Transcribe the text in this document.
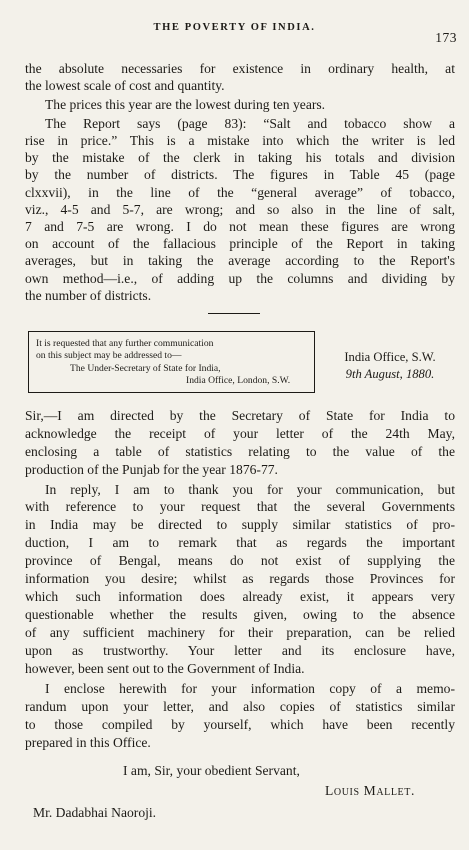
THE POVERTY OF INDIA.
173
the absolute necessaries for existence in ordinary health, at
the lowest scale of cost and quantity.
The prices this year are the lowest during ten years.
The Report says (page 83): “Salt and tobacco show a
rise in price.” This is a mistake into which the writer is led
by the mistake of the clerk in taking his totals and division
by the number of districts. The figures in Table 45 (page
clxxvii), in the line of the “general average” of tobacco,
viz., 4-5 and 5-7, are wrong; and so also in the line of salt,
7 and 7-5 are wrong. I do not mean these figures are wrong
on account of the fallacious principle of the Report in taking
averages, but in taking the average according to the Report's
own method—i.e., of adding up the columns and dividing by
the number of districts.
It is requested that any further communication
on this subject may be addressed to—
The Under-Secretary of State for India,
India Office, London, S.W.
India Office, S.W.
9th August, 1880.
Sir,—I am directed by the Secretary of State for India to
acknowledge the receipt of your letter of the 24th May,
enclosing a table of statistics relating to the value of the
production of the Punjab for the year 1876-77.
In reply, I am to thank you for your communication, but
with reference to your request that the several Governments
in India may be directed to supply similar statistics of pro-
duction, I am to remark that as regards the important
province of Bengal, means do not exist of supplying the
information you desire; whilst as regards those Provinces for
which such information does already exist, it appears very
questionable whether the results given, owing to the absence
of any sufficient machinery for their preparation, can be relied
upon as trustworthy. Your letter and its enclosure have,
however, been sent out to the Government of India.
I enclose herewith for your information copy of a memo-
randum upon your letter, and also copies of statistics similar
to those compiled by yourself, which have been recently
prepared in this Office.
I am, Sir, your obedient Servant,
Louis Mallet.
Mr. Dadabhai Naoroji.
